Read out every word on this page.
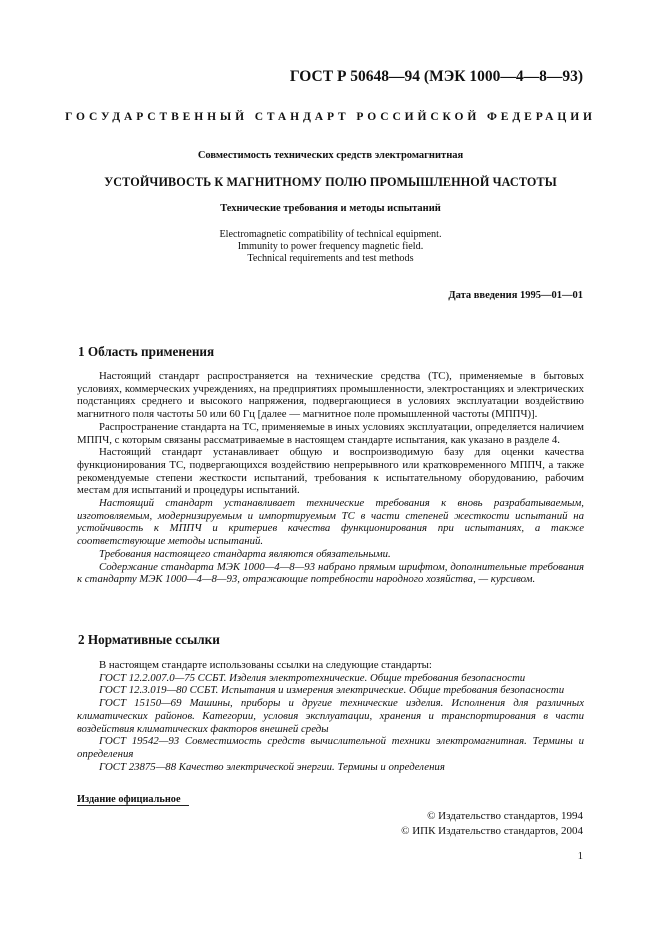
ГОСТ Р 50648—94 (МЭК 1000—4—8—93)
ГОСУДАРСТВЕННЫЙ СТАНДАРТ РОССИЙСКОЙ ФЕДЕРАЦИИ
Совместимость технических средств электромагнитная
УСТОЙЧИВОСТЬ К МАГНИТНОМУ ПОЛЮ ПРОМЫШЛЕННОЙ ЧАСТОТЫ
Технические требования и методы испытаний
Electromagnetic compatibility of technical equipment.
Immunity to power frequency magnetic field.
Technical requirements and test methods
Дата введения 1995—01—01
1 Область применения

Настоящий стандарт распространяется на технические средства (ТС), применяемые в бытовых условиях, коммерческих учреждениях, на предприятиях промышленности, электростанциях и электрических подстанциях среднего и высокого напряжения, подвергающиеся в условиях эксплуатации воздействию магнитного поля частоты 50 или 60 Гц [далее — магнитное поле промышленной частоты (МППЧ)].

Распространение стандарта на ТС, применяемые в иных условиях эксплуатации, определяется наличием МППЧ, с которым связаны рассматриваемые в настоящем стандарте испытания, как указано в разделе 4.

Настоящий стандарт устанавливает общую и воспроизводимую базу для оценки качества функционирования ТС, подвергающихся воздействию непрерывного или кратковременного МППЧ, а также рекомендуемые степени жесткости испытаний, требования к испытательному оборудованию, рабочим местам для испытаний и процедуры испытаний.

Настоящий стандарт устанавливает технические требования к вновь разрабатываемым, изготовляемым, модернизируемым и импортируемым ТС в части степеней жесткости испытаний на устойчивость к МППЧ и критериев качества функционирования при испытаниях, а также соответствующие методы испытаний.

Требования настоящего стандарта являются обязательными.

Содержание стандарта МЭК 1000—4—8—93 набрано прямым шрифтом, дополнительные требования к стандарту МЭК 1000—4—8—93, отражающие потребности народного хозяйства, — курсивом.

2 Нормативные ссылки

В настоящем стандарте использованы ссылки на следующие стандарты:

ГОСТ 12.2.007.0—75 ССБТ. Изделия электротехнические. Общие требования безопасности

ГОСТ 12.3.019—80 ССБТ. Испытания и измерения электрические. Общие требования безопасности

ГОСТ 15150—69 Машины, приборы и другие технические изделия. Исполнения для различных климатических районов. Категории, условия эксплуатации, хранения и транспортирования в части воздействия климатических факторов внешней среды

ГОСТ 19542—93 Совместимость средств вычислительной техники электромагнитная. Термины и определения

ГОСТ 23875—88 Качество электрической энергии. Термины и определения

Издание официальное
© Издательство стандартов, 1994
© ИПК Издательство стандартов, 2004
1
